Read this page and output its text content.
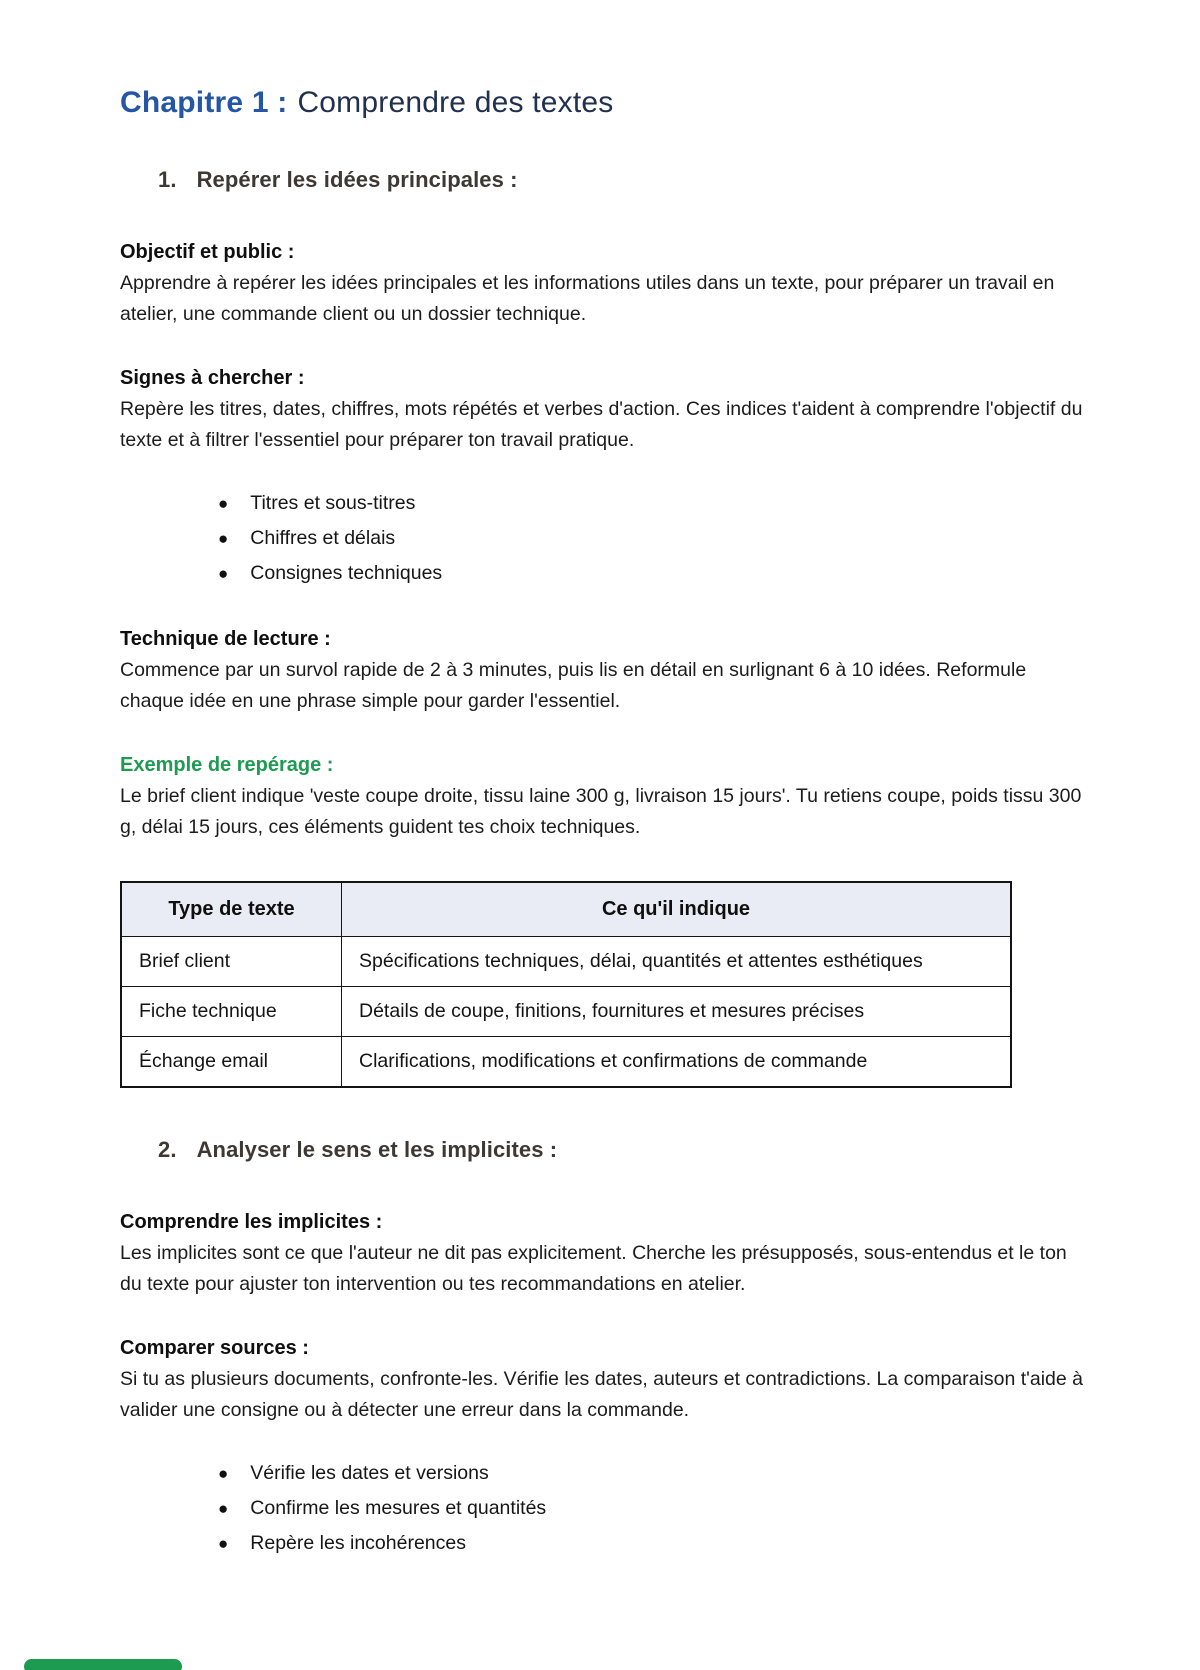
Chapitre 1 : Comprendre des textes
1. Repérer les idées principales :
Objectif et public :
Apprendre à repérer les idées principales et les informations utiles dans un texte, pour préparer un travail en atelier, une commande client ou un dossier technique.
Signes à chercher :
Repère les titres, dates, chiffres, mots répétés et verbes d'action. Ces indices t'aident à comprendre l'objectif du texte et à filtrer l'essentiel pour préparer ton travail pratique.
● Titres et sous-titres
● Chiffres et délais
● Consignes techniques
Technique de lecture :
Commence par un survol rapide de 2 à 3 minutes, puis lis en détail en surlignant 6 à 10 idées. Reformule chaque idée en une phrase simple pour garder l'essentiel.
Exemple de repérage :
Le brief client indique 'veste coupe droite, tissu laine 300 g, livraison 15 jours'. Tu retiens coupe, poids tissu 300 g, délai 15 jours, ces éléments guident tes choix techniques.
Type de texte	Ce qu'il indique
Brief client	Spécifications techniques, délai, quantités et attentes esthétiques
Fiche technique	Détails de coupe, finitions, fournitures et mesures précises
Échange email	Clarifications, modifications et confirmations de commande
2. Analyser le sens et les implicites :
Comprendre les implicites :
Les implicites sont ce que l'auteur ne dit pas explicitement. Cherche les présupposés, sous-entendus et le ton du texte pour ajuster ton intervention ou tes recommandations en atelier.
Comparer sources :
Si tu as plusieurs documents, confronte-les. Vérifie les dates, auteurs et contradictions. La comparaison t'aide à valider une consigne ou à détecter une erreur dans la commande.
● Vérifie les dates et versions
● Confirme les mesures et quantités
● Repère les incohérences
